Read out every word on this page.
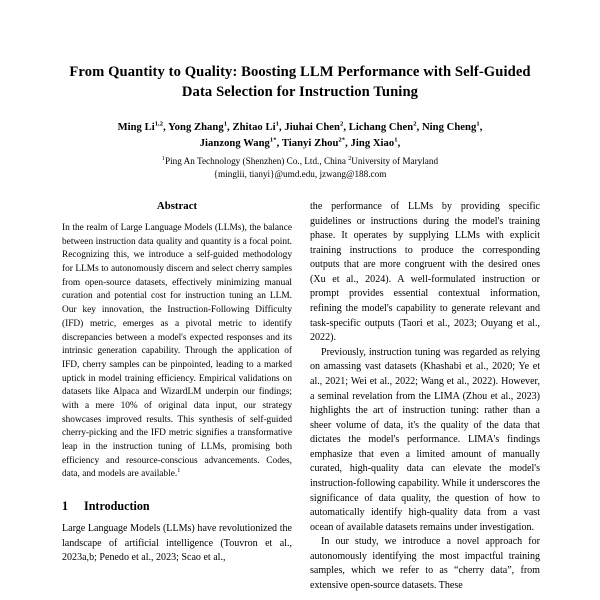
From Quantity to Quality: Boosting LLM Performance with Self-Guided Data Selection for Instruction Tuning
Ming Li$^{1,2}$, Yong Zhang$^1$, Zhitao Li$^1$, Jiuhai Chen$^2$, Lichang Chen$^2$, Ning Cheng$^1$,
Jianzong Wang$^{1*}$, Tianyi Zhou$^{2*}$, Jing Xiao$^1$,
$^1$Ping An Technology (Shenzhen) Co., Ltd., China $^2$University of Maryland
{minglii, tianyi}@umd.edu, jzwang@188.com
Abstract

In the realm of Large Language Models (LLMs), the balance between instruction data quality and quantity is a focal point. Recognizing this, we introduce a self-guided methodology for LLMs to autonomously discern and select cherry samples from open-source datasets, effectively minimizing manual curation and potential cost for instruction tuning an LLM. Our key innovation, the Instruction-Following Difficulty (IFD) metric, emerges as a pivotal metric to identify discrepancies between a model's expected responses and its intrinsic generation capability. Through the application of IFD, cherry samples can be pinpointed, leading to a marked uptick in model training efficiency. Empirical validations on datasets like Alpaca and WizardLM underpin our findings; with a mere 10% of original data input, our strategy showcases improved results. This synthesis of self-guided cherry-picking and the IFD metric signifies a transformative leap in the instruction tuning of LLMs, promising both efficiency and resource-conscious advancements. Codes, data, and models are available.$^1$

1	Introduction

Large Language Models (LLMs) have revolutionized the landscape of artificial intelligence (Touvron et al., 2023a,b; Penedo et al., 2023; Scao et al.,

the performance of LLMs by providing specific guidelines or instructions during the model's training phase. It operates by supplying LLMs with explicit training instructions to produce the corresponding outputs that are more congruent with the desired ones (Xu et al., 2024). A well-formulated instruction or prompt provides essential contextual information, refining the model's capability to generate relevant and task-specific outputs (Taori et al., 2023; Ouyang et al., 2022).

Previously, instruction tuning was regarded as relying on amassing vast datasets (Khashabi et al., 2020; Ye et al., 2021; Wei et al., 2022; Wang et al., 2022). However, a seminal revelation from the LIMA (Zhou et al., 2023) highlights the art of instruction tuning: rather than a sheer volume of data, it's the quality of the data that dictates the model's performance. LIMA's findings emphasize that even a limited amount of manually curated, high-quality data can elevate the model's instruction-following capability. While it underscores the significance of data quality, the question of how to automatically identify high-quality data from a vast ocean of available datasets remains under investigation.

In our study, we introduce a novel approach for autonomously identifying the most impactful training samples, which we refer to as “cherry data”, from extensive open-source datasets. These
